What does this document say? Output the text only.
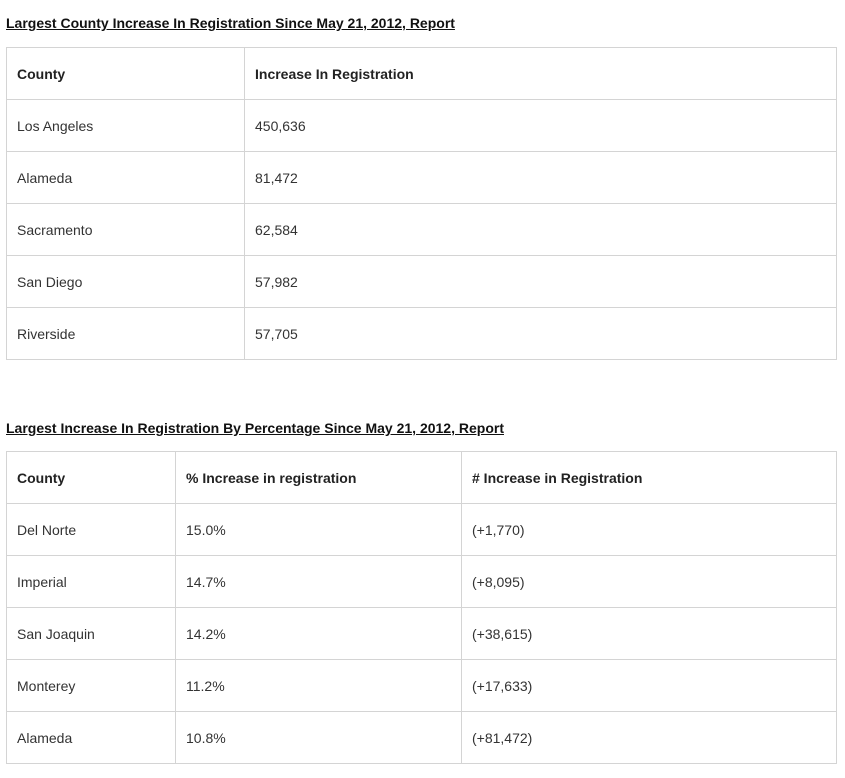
Largest County Increase In Registration Since May 21, 2012, Report
County	Increase In Registration
Los Angeles	450,636
Alameda	81,472
Sacramento	62,584
San Diego	57,982
Riverside	57,705
Largest Increase In Registration By Percentage Since May 21, 2012, Report
County	% Increase in registration	# Increase in Registration
Del Norte	15.0%	(+1,770)
Imperial	14.7%	(+8,095)
San Joaquin	14.2%	(+38,615)
Monterey	11.2%	(+17,633)
Alameda	10.8%	(+81,472)
